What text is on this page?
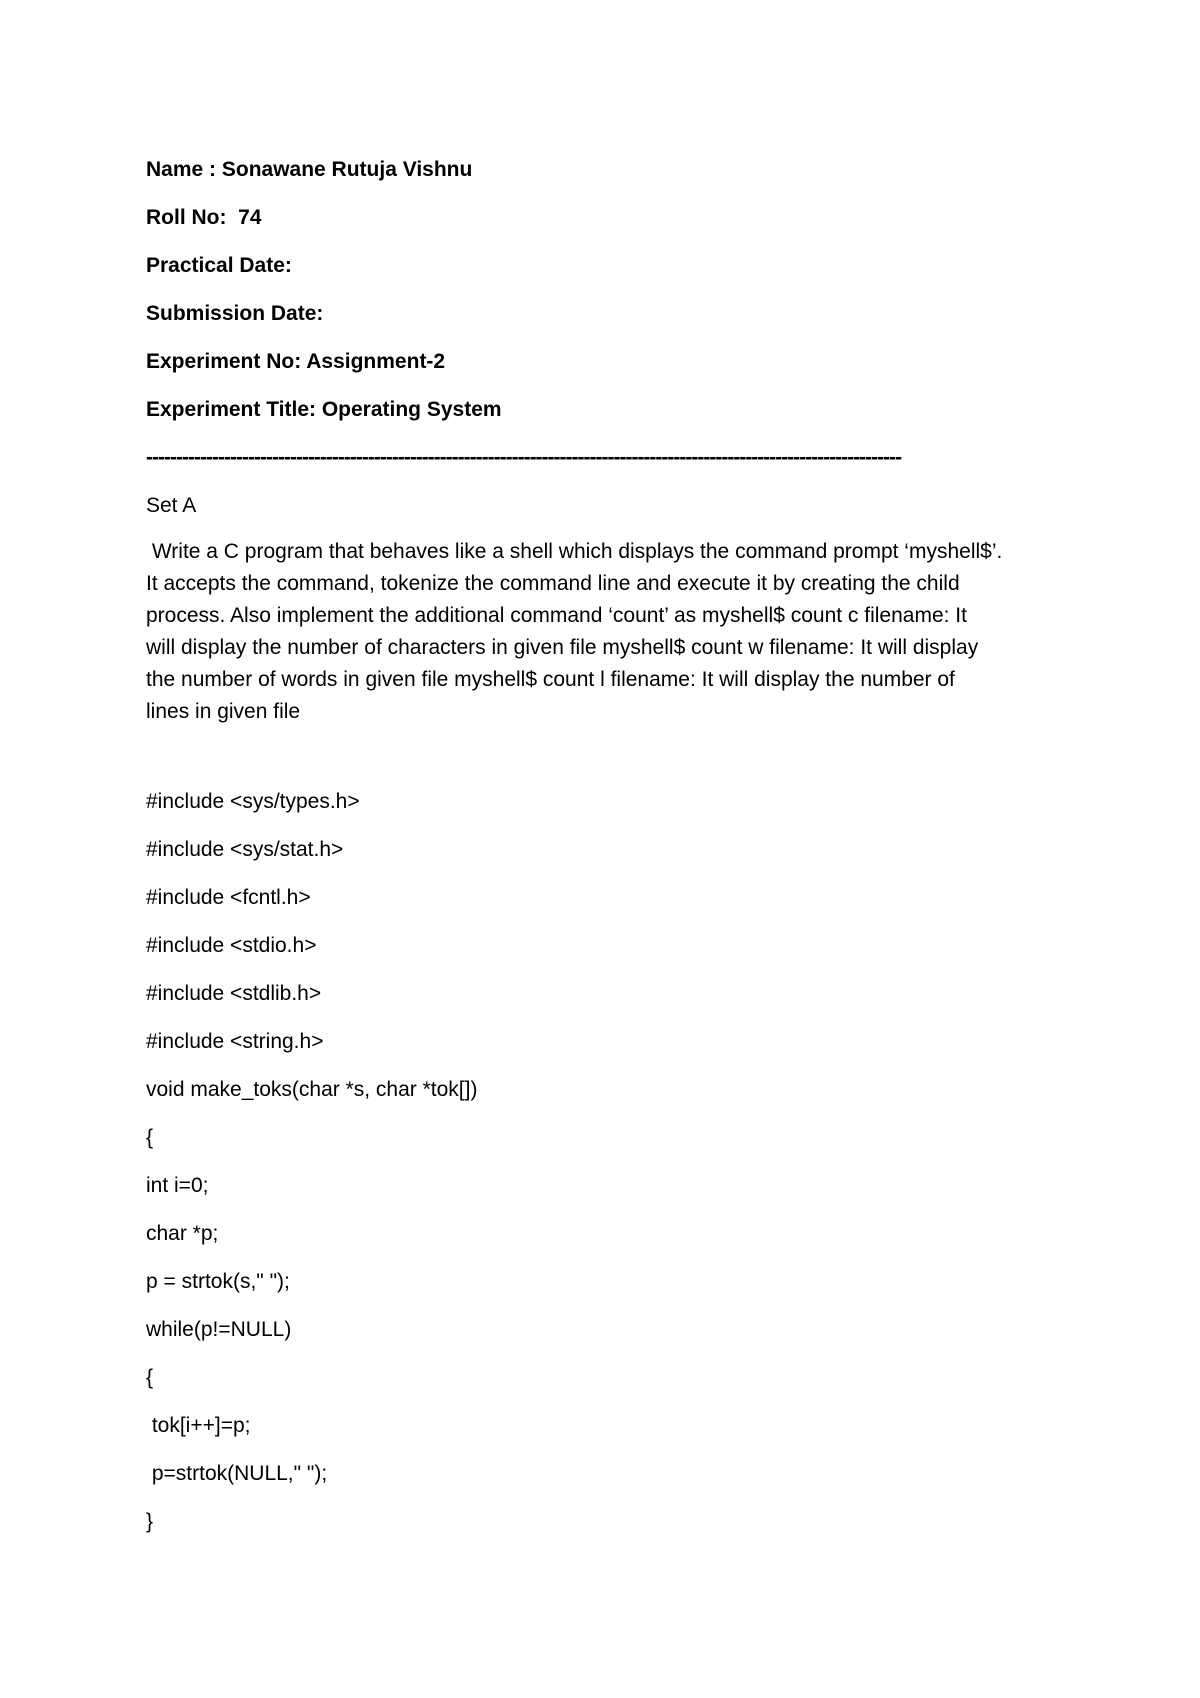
Name : Sonawane Rutuja Vishnu
Roll No:  74
Practical Date:
Submission Date:
Experiment No: Assignment-2
Experiment Title: Operating System
------------------------------------------------------------------------------------------------------------------------------
Set A

Write a C program that behaves like a shell which displays the command prompt ‘myshell$’.

It accepts the command, tokenize the command line and execute it by creating the child

process. Also implement the additional command ‘count’ as myshell$ count c filename: It

will display the number of characters in given file myshell$ count w filename: It will display

the number of words in given file myshell$ count l filename: It will display the number of

lines in given file

#include <sys/types.h>
#include <sys/stat.h>
#include <fcntl.h>
#include <stdio.h>
#include <stdlib.h>
#include <string.h>
void make_toks(char *s, char *tok[])
{
int i=0;
char *p;
p = strtok(s," ");
while(p!=NULL)
{
tok[i++]=p;
p=strtok(NULL," ");
}
